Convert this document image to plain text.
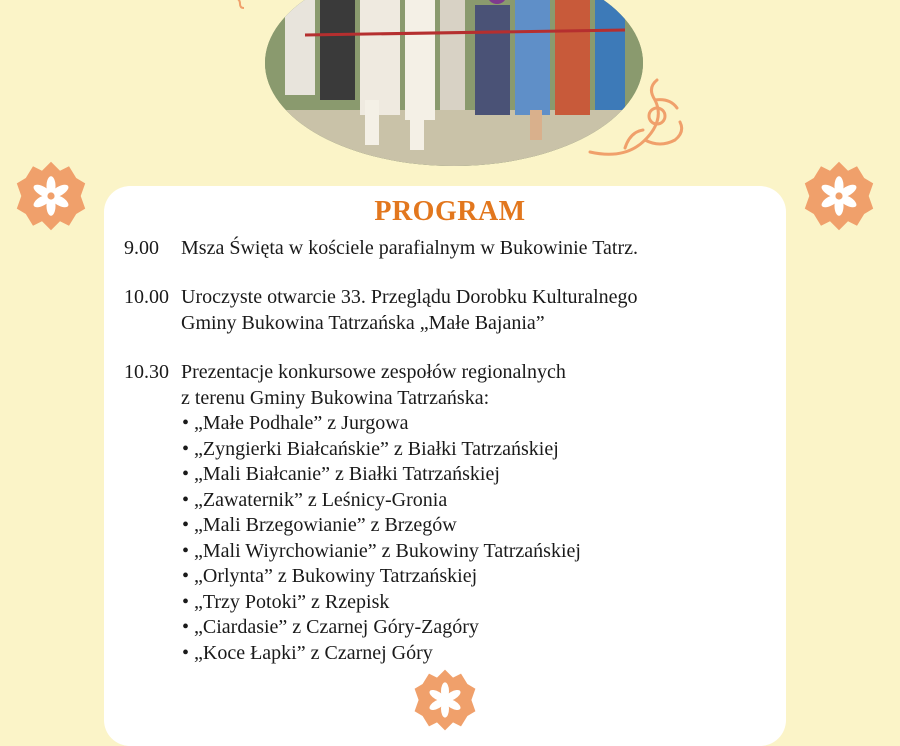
PROGRAM
9.00 Msza Święta w kościele parafialnym w Bukowinie Tatrz.
10.00 Uroczyste otwarcie 33. Przeglądu Dorobku Kulturalnego
Gminy Bukowina Tatrzańska „Małe Bajania”
10.30 Prezentacje konkursowe zespołów regionalnych
z terenu Gminy Bukowina Tatrzańska:
• „Małe Podhale” z Jurgowa
• „Zyngierki Białcańskie” z Białki Tatrzańskiej
• „Mali Białcanie” z Białki Tatrzańskiej
• „Zawaternik” z Leśnicy-Gronia
• „Mali Brzegowianie” z Brzegów
• „Mali Wiyrchowianie” z Bukowiny Tatrzańskiej
• „Orlynta” z Bukowiny Tatrzańskiej
• „Trzy Potoki” z Rzepisk
• „Ciardasie” z Czarnej Góry-Zagóry
• „Koce Łapki” z Czarnej Góry
